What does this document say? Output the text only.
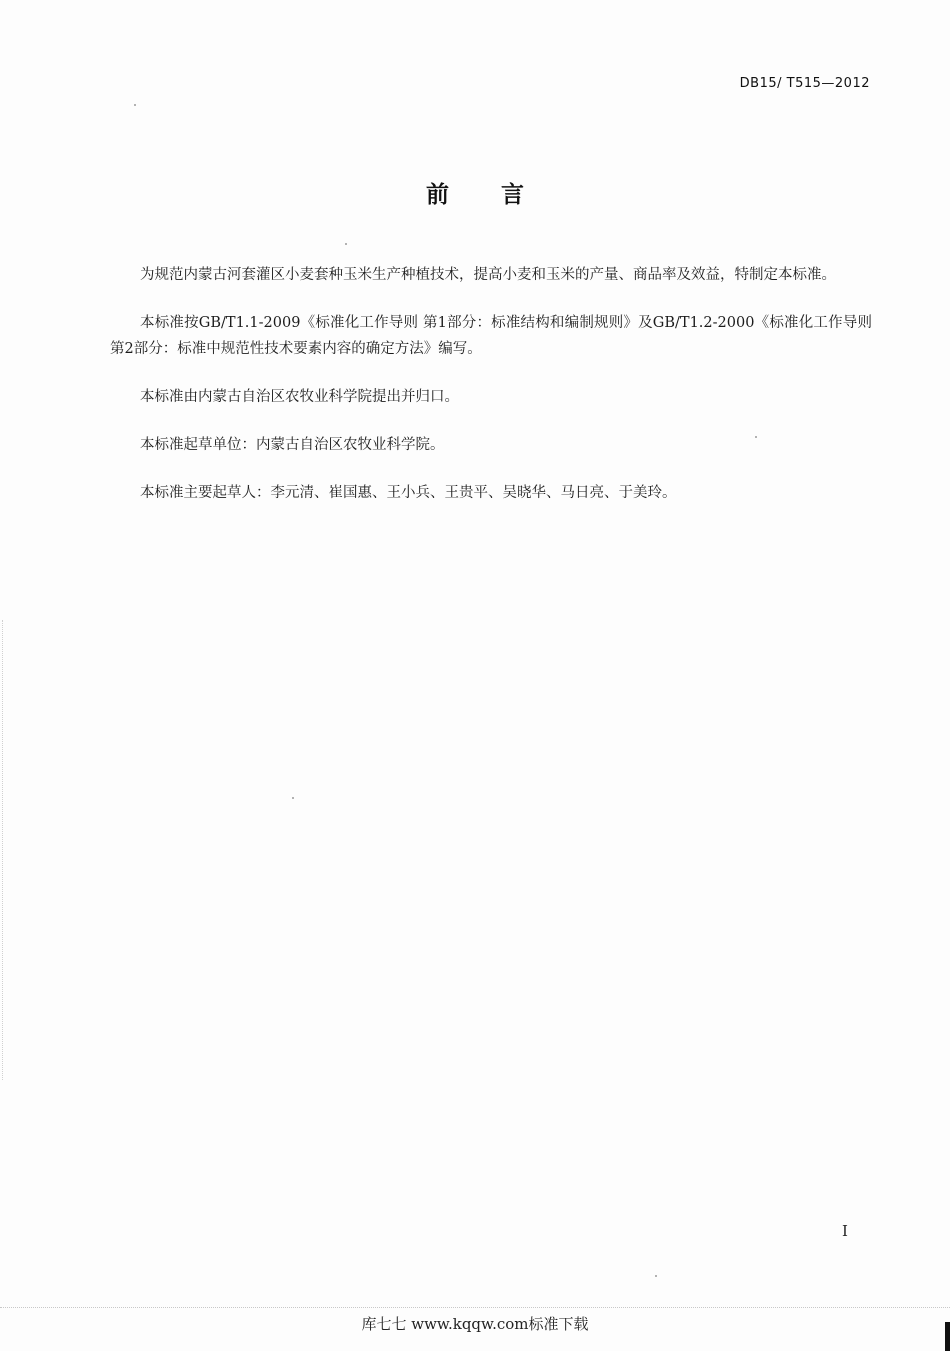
DB15/ T515—2012
前 言

为规范内蒙古河套灌区小麦套种玉米生产种植技术，提高小麦和玉米的产量、商品率及效益，特制定本标准。

本标准按GB/T1.1-2009《标准化工作导则 第1部分：标准结构和编制规则》及GB/T1.2-2000《标准化工作导则 第2部分：标准中规范性技术要素内容的确定方法》编写。

本标准由内蒙古自治区农牧业科学院提出并归口。

本标准起草单位：内蒙古自治区农牧业科学院。

本标准主要起草人：李元清、崔国惠、王小兵、王贵平、吴晓华、马日亮、于美玲。

I
库七七 www.kqqw.com标准下载
